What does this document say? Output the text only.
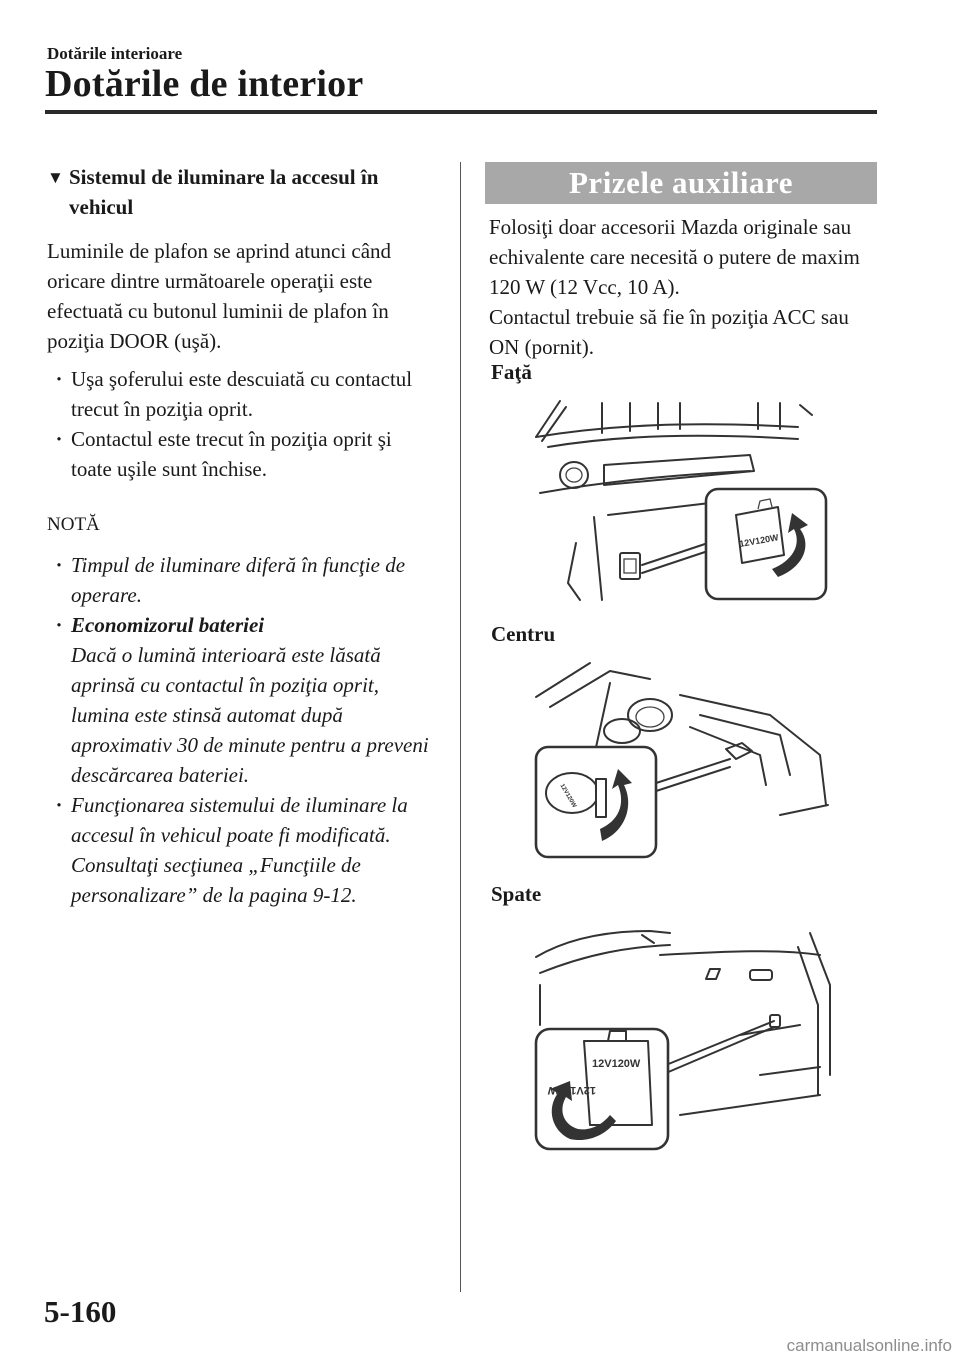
Dotările interioare
Dotările de interior
▼ Sistemul de iluminare la accesul în vehicul
Luminile de plafon se aprind atunci când oricare dintre următoarele operaţii este efectuată cu butonul luminii de plafon în poziţia DOOR (uşă).
· Uşa şoferului este descuiată cu contactul trecut în poziţia oprit.
· Contactul este trecut în poziţia oprit şi toate uşile sunt închise.
NOTĂ
· Timpul de iluminare diferă în funcţie de operare.
· Economizorul bateriei
Dacă o lumină interioară este lăsată aprinsă cu contactul în poziţia oprit, lumina este stinsă automat după aproximativ 30 de minute pentru a preveni descărcarea bateriei.
· Funcţionarea sistemului de iluminare la accesul în vehicul poate fi modificată. Consultaţi secţiunea „Funcţiile de personalizare” de la pagina 9-12.
Prizele auxiliare
Folosiţi doar accesorii Mazda originale sau echivalente care necesită o putere de maxim 120 W (12 Vcc, 10 A).
Contactul trebuie să fie în poziţia ACC sau ON (pornit).
Faţă
12V120W
Centru
12V120W
Spate
12V120W
12V120W
5-160
carmanualsonline.info
